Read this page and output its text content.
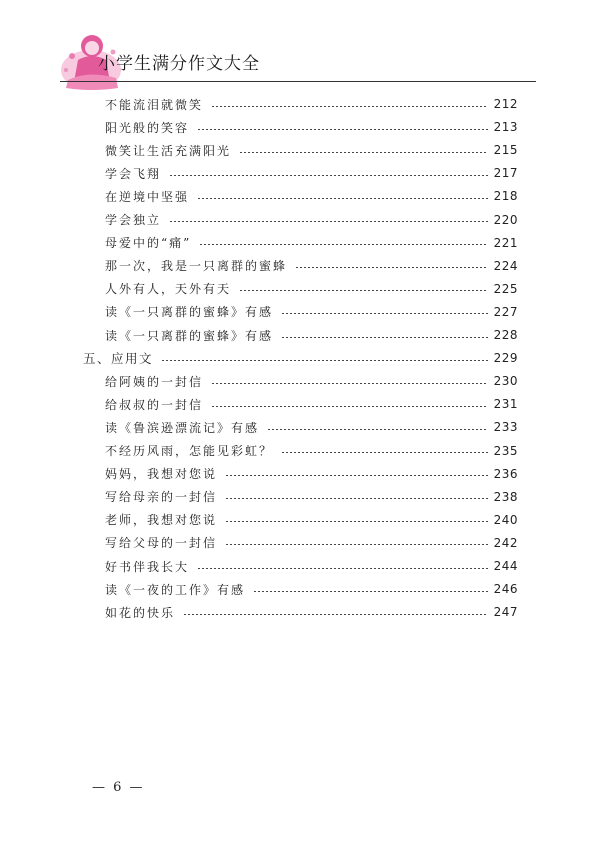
小学生满分作文大全
不能流泪就微笑	212
阳光般的笑容	213
微笑让生活充满阳光	215
学会飞翔	217
在逆境中坚强	218
学会独立	220
母爱中的“痛”	221
那一次，我是一只离群的蜜蜂	224
人外有人，天外有天	225
读《一只离群的蜜蜂》有感	227
读《一只离群的蜜蜂》有感	228
五、应用文	229
给阿姨的一封信	230
给叔叔的一封信	231
读《鲁滨逊漂流记》有感	233
不经历风雨，怎能见彩虹？	235
妈妈，我想对您说	236
写给母亲的一封信	238
老师，我想对您说	240
写给父母的一封信	242
好书伴我长大	244
读《一夜的工作》有感	246
如花的快乐	247
— 6 —
